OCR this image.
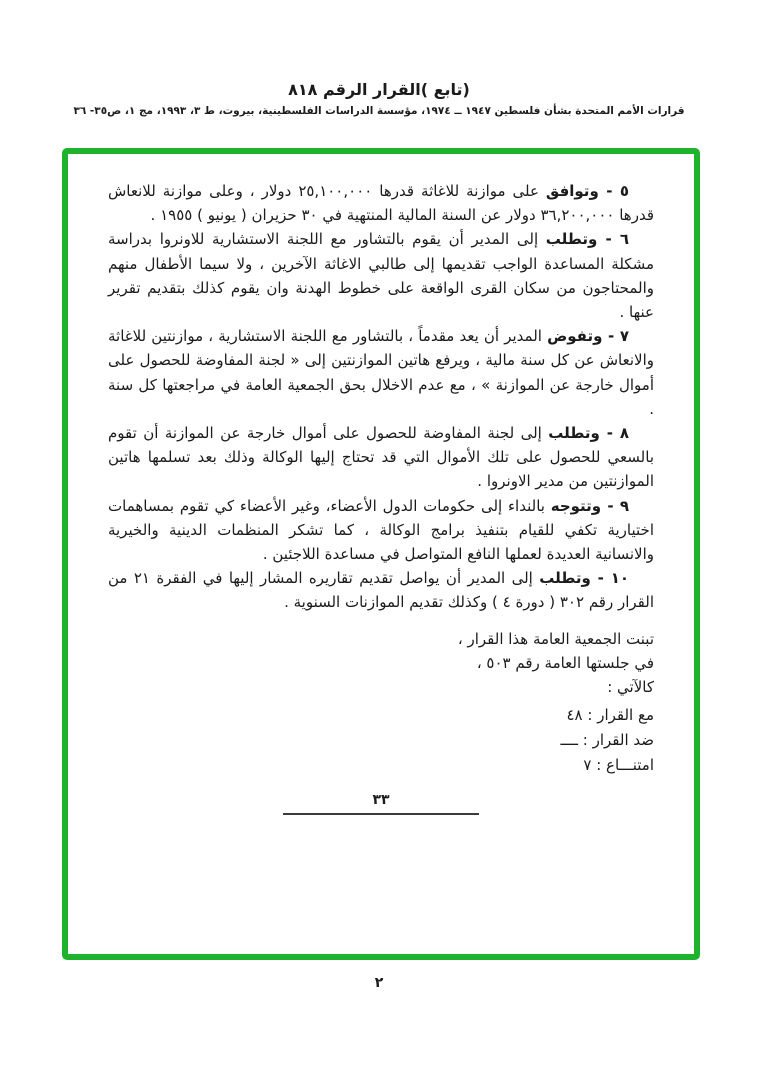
(تابع )القرار الرقم ٨١٨
قرارات الأمم المتحدة بشأن فلسطين ١٩٤٧ ــ ١٩٧٤، مؤسسة الدراسات الفلسطينية، بيروت، ط ٣، ١٩٩٣، مج ١، ص٣٥- ٣٦

٥ - وتوافق على موازنة للاغاثة قدرها ٢٥,١٠٠,٠٠٠ دولار ، وعلى موازنة للانعاش قدرها ٣٦,٢٠٠,٠٠٠ دولار عن السنة المالية المنتهية في ٣٠ حزيران ( يونيو ) ١٩٥٥ .

٦ - وتطلب إلى المدير أن يقوم بالتشاور مع اللجنة الاستشارية للاونروا بدراسة مشكلة المساعدة الواجب تقديمها إلى طالبي الاغاثة الآخرين ، ولا سيما الأطفال منهم والمحتاجون من سكان القرى الواقعة على خطوط الهدنة وان يقوم كذلك بتقديم تقرير عنها .

٧ - وتفوض المدير أن يعد مقدماً ، بالتشاور مع اللجنة الاستشارية ، موازنتين للاغاثة والانعاش عن كل سنة مالية ، ويرفع هاتين الموازنتين إلى « لجنة المفاوضة للحصول على أموال خارجة عن الموازنة » ، مع عدم الاخلال بحق الجمعية العامة في مراجعتها كل سنة .

٨ - وتطلب إلى لجنة المفاوضة للحصول على أموال خارجة عن الموازنة أن تقوم بالسعي للحصول على تلك الأموال التي قد تحتاج إليها الوكالة وذلك بعد تسلمها هاتين الموازنتين من مدير الاونروا .

٩ - وتتوجه بالنداء إلى حكومات الدول الأعضاء، وغير الأعضاء كي تقوم بمساهمات اختيارية تكفي للقيام بتنفيذ برامج الوكالة ، كما تشكر المنظمات الدينية والخيرية والانسانية العديدة لعملها النافع المتواصل في مساعدة اللاجئين .

١٠ - وتطلب إلى المدير أن يواصل تقديم تقاريره المشار إليها في الفقرة ٢١ من القرار رقم ٣٠٢ ( دورة ٤ ) وكذلك تقديم الموازنات السنوية .

تبنت الجمعية العامة هذا القرار ،
في جلستها العامة رقم ٥٠٣ ،
كالآتي :
مع القرار : ٤٨
ضد القرار : ــــ
امتنـــاع : ٧
٣٣
٢
